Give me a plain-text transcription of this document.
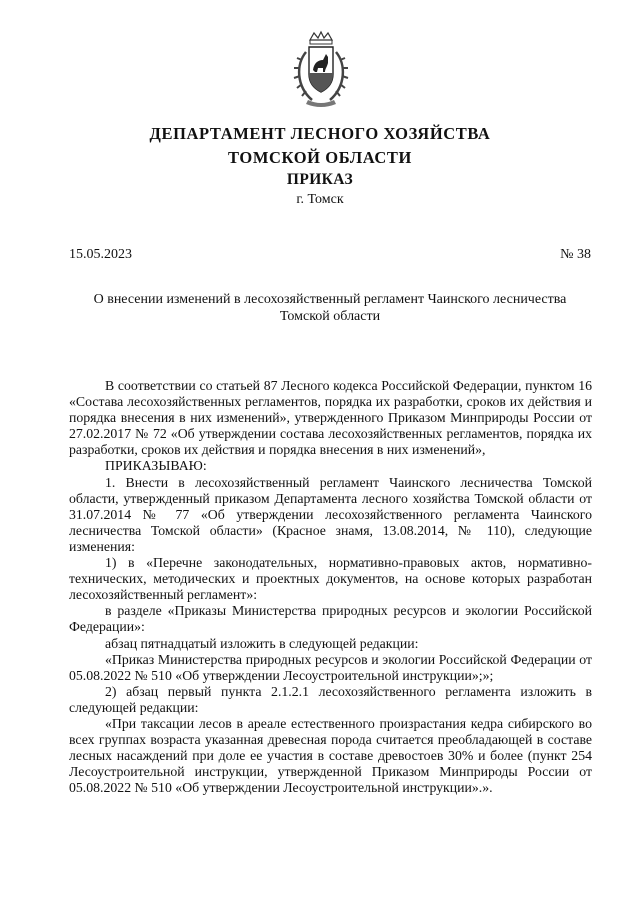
ДЕПАРТАМЕНТ ЛЕСНОГО ХОЗЯЙСТВА
ТОМСКОЙ ОБЛАСТИ
ПРИКАЗ
г. Томск
15.05.2023	№ 38
О внесении изменений в лесохозяйственный регламент Чаинского лесничества Томской области

В соответствии со статьей 87 Лесного кодекса Российской Федерации, пунктом 16 «Состава лесохозяйственных регламентов, порядка их разработки, сроков их действия и порядка внесения в них изменений», утвержденного Приказом Минприроды России от 27.02.2017 № 72 «Об утверждении состава лесохозяйственных регламентов, порядка их разработки, сроков их действия и порядка внесения в них изменений»,

ПРИКАЗЫВАЮ:

1. Внести в лесохозяйственный регламент Чаинского лесничества Томской области, утвержденный приказом Департамента лесного хозяйства Томской области от 31.07.2014 № 77 «Об утверждении лесохозяйственного регламента Чаинского лесничества Томской области» (Красное знамя, 13.08.2014, № 110), следующие изменения:

1) в «Перечне законодательных, нормативно-правовых актов, нормативно-технических, методических и проектных документов, на основе которых разработан лесохозяйственный регламент»:

в разделе «Приказы Министерства природных ресурсов и экологии Российской Федерации»:

абзац пятнадцатый изложить в следующей редакции:

«Приказ Министерства природных ресурсов и экологии Российской Федерации от 05.08.2022 № 510 «Об утверждении Лесоустроительной инструкции»;»;

2) абзац первый пункта 2.1.2.1 лесохозяйственного регламента изложить в следующей редакции:

«При таксации лесов в ареале естественного произрастания кедра сибирского во всех группах возраста указанная древесная порода считается преобладающей в составе лесных насаждений при доле ее участия в составе древостоев 30% и более (пункт 254 Лесоустроительной инструкции, утвержденной Приказом Минприроды России от 05.08.2022 № 510 «Об утверждении Лесоустроительной инструкции».».
